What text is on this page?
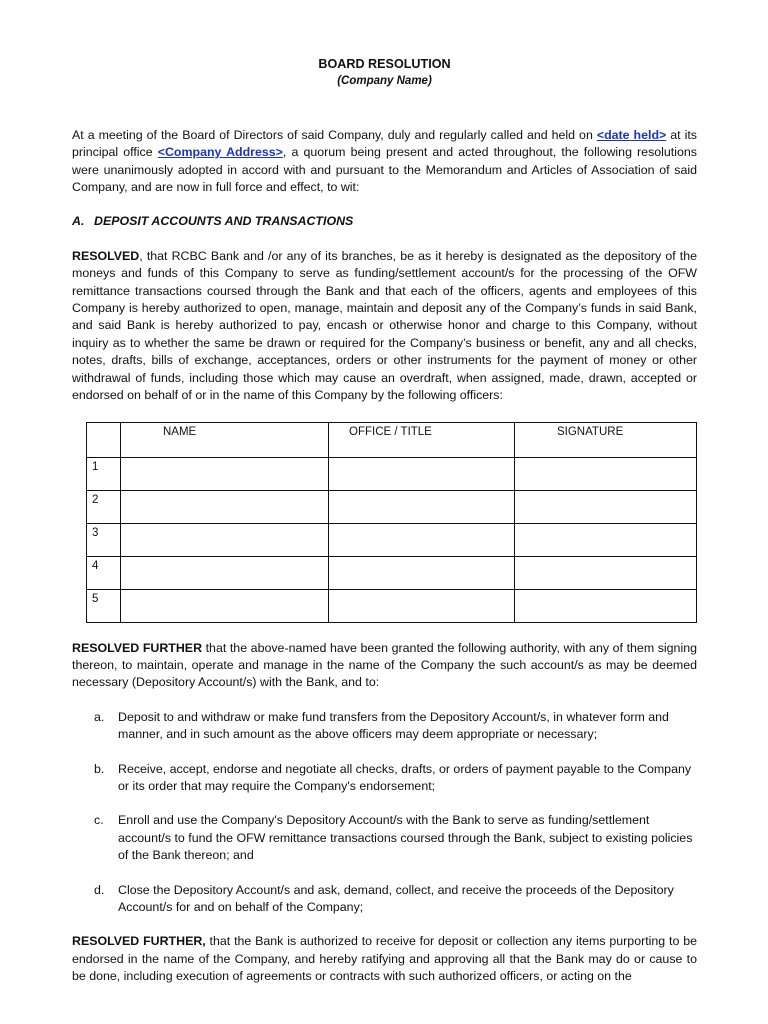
BOARD RESOLUTION
(Company Name)

At a meeting of the Board of Directors of said Company, duly and regularly called and held on <date held> at its principal office <Company Address>, a quorum being present and acted throughout, the following resolutions were unanimously adopted in accord with and pursuant to the Memorandum and Articles of Association of said Company, and are now in full force and effect, to wit:

A. DEPOSIT ACCOUNTS AND TRANSACTIONS

RESOLVED, that RCBC Bank and /or any of its branches, be as it hereby is designated as the depository of the moneys and funds of this Company to serve as funding/settlement account/s for the processing of the OFW remittance transactions coursed through the Bank and that each of the officers, agents and employees of this Company is hereby authorized to open, manage, maintain and deposit any of the Company’s funds in said Bank, and said Bank is hereby authorized to pay, encash or otherwise honor and charge to this Company, without inquiry as to whether the same be drawn or required for the Company’s business or benefit, any and all checks, notes, drafts, bills of exchange, acceptances, orders or other instruments for the payment of money or other withdrawal of funds, including those which may cause an overdraft, when assigned, made, drawn, accepted or endorsed on behalf of or in the name of this Company by the following officers:

	NAME	OFFICE / TITLE	SIGNATURE
1			
2			
3			
4			
5			

RESOLVED FURTHER that the above-named have been granted the following authority, with any of them signing thereon, to maintain, operate and manage in the name of the Company the such account/s as may be deemed necessary (Depository Account/s) with the Bank, and to:

a.	Deposit to and withdraw or make fund transfers from the Depository Account/s, in whatever form and manner, and in such amount as the above officers may deem appropriate or necessary;
b.	Receive, accept, endorse and negotiate all checks, drafts, or orders of payment payable to the Company or its order that may require the Company's endorsement;
c.	Enroll and use the Company's Depository Account/s with the Bank to serve as funding/settlement account/s to fund the OFW remittance transactions coursed through the Bank, subject to existing policies of the Bank thereon; and
d.	Close the Depository Account/s and ask, demand, collect, and receive the proceeds of the Depository Account/s for and on behalf of the Company;

RESOLVED FURTHER, that the Bank is authorized to receive for deposit or collection any items purporting to be endorsed in the name of the Company, and hereby ratifying and approving all that the Bank may do or cause to be done, including execution of agreements or contracts with such authorized officers, or acting on the
